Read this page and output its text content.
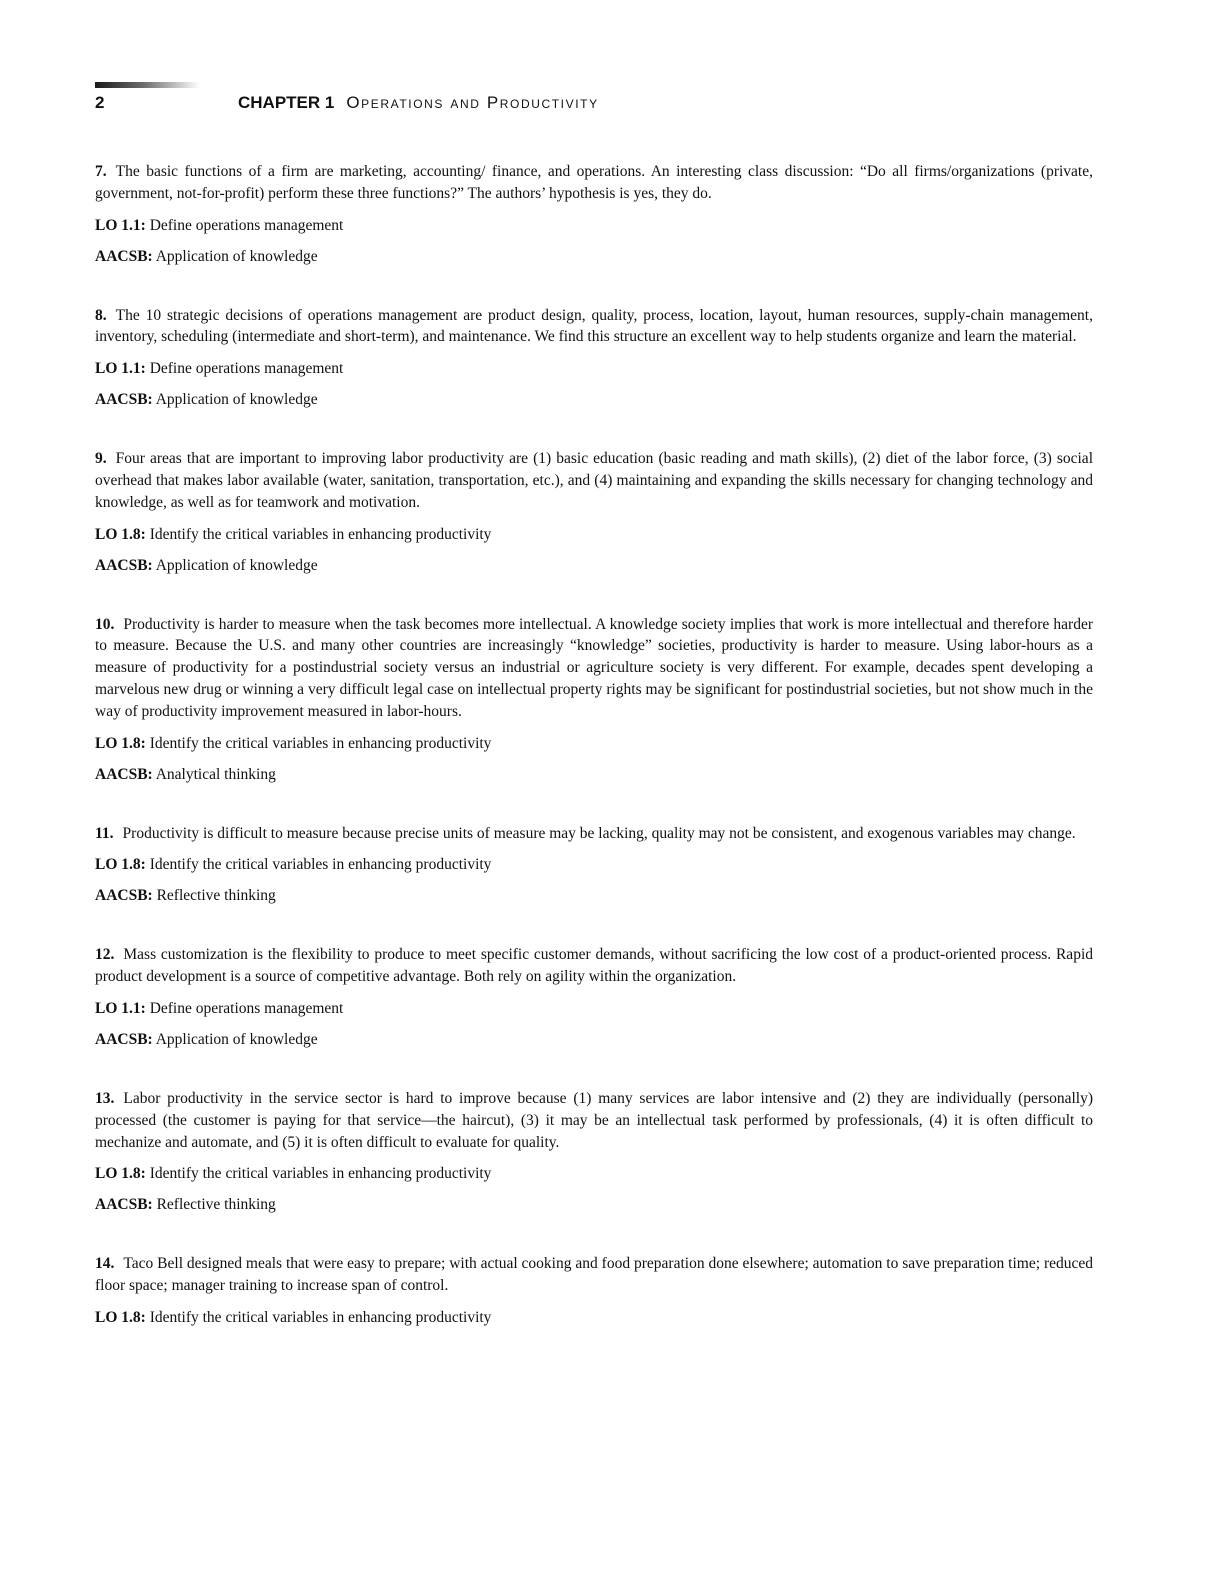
2	CHAPTER 1 Operations and Productivity

7. The basic functions of a firm are marketing, accounting/ finance, and operations. An interesting class discussion: “Do all firms/organizations (private, government, not-for-profit) perform these three functions?” The authors’ hypothesis is yes, they do.

LO 1.1: Define operations management

AACSB: Application of knowledge

8. The 10 strategic decisions of operations management are product design, quality, process, location, layout, human resources, supply-chain management, inventory, scheduling (intermediate and short-term), and maintenance. We find this structure an excellent way to help students organize and learn the material.

LO 1.1: Define operations management

AACSB: Application of knowledge

9. Four areas that are important to improving labor productivity are (1) basic education (basic reading and math skills), (2) diet of the labor force, (3) social overhead that makes labor available (water, sanitation, transportation, etc.), and (4) maintaining and expanding the skills necessary for changing technology and knowledge, as well as for teamwork and motivation.

LO 1.8: Identify the critical variables in enhancing productivity

AACSB: Application of knowledge

10. Productivity is harder to measure when the task becomes more intellectual. A knowledge society implies that work is more intellectual and therefore harder to measure. Because the U.S. and many other countries are increasingly “knowledge” societies, productivity is harder to measure. Using labor-hours as a measure of productivity for a postindustrial society versus an industrial or agriculture society is very different. For example, decades spent developing a marvelous new drug or winning a very difficult legal case on intellectual property rights may be significant for postindustrial societies, but not show much in the way of productivity improvement measured in labor-hours.

LO 1.8: Identify the critical variables in enhancing productivity

AACSB: Analytical thinking

11. Productivity is difficult to measure because precise units of measure may be lacking, quality may not be consistent, and exogenous variables may change.

LO 1.8: Identify the critical variables in enhancing productivity

AACSB: Reflective thinking

12. Mass customization is the flexibility to produce to meet specific customer demands, without sacrificing the low cost of a product-oriented process. Rapid product development is a source of competitive advantage. Both rely on agility within the organization.

LO 1.1: Define operations management

AACSB: Application of knowledge

13. Labor productivity in the service sector is hard to improve because (1) many services are labor intensive and (2) they are individually (personally) processed (the customer is paying for that service—the haircut), (3) it may be an intellectual task performed by professionals, (4) it is often difficult to mechanize and automate, and (5) it is often difficult to evaluate for quality.

LO 1.8: Identify the critical variables in enhancing productivity

AACSB: Reflective thinking

14. Taco Bell designed meals that were easy to prepare; with actual cooking and food preparation done elsewhere; automation to save preparation time; reduced floor space; manager training to increase span of control.

LO 1.8: Identify the critical variables in enhancing productivity
